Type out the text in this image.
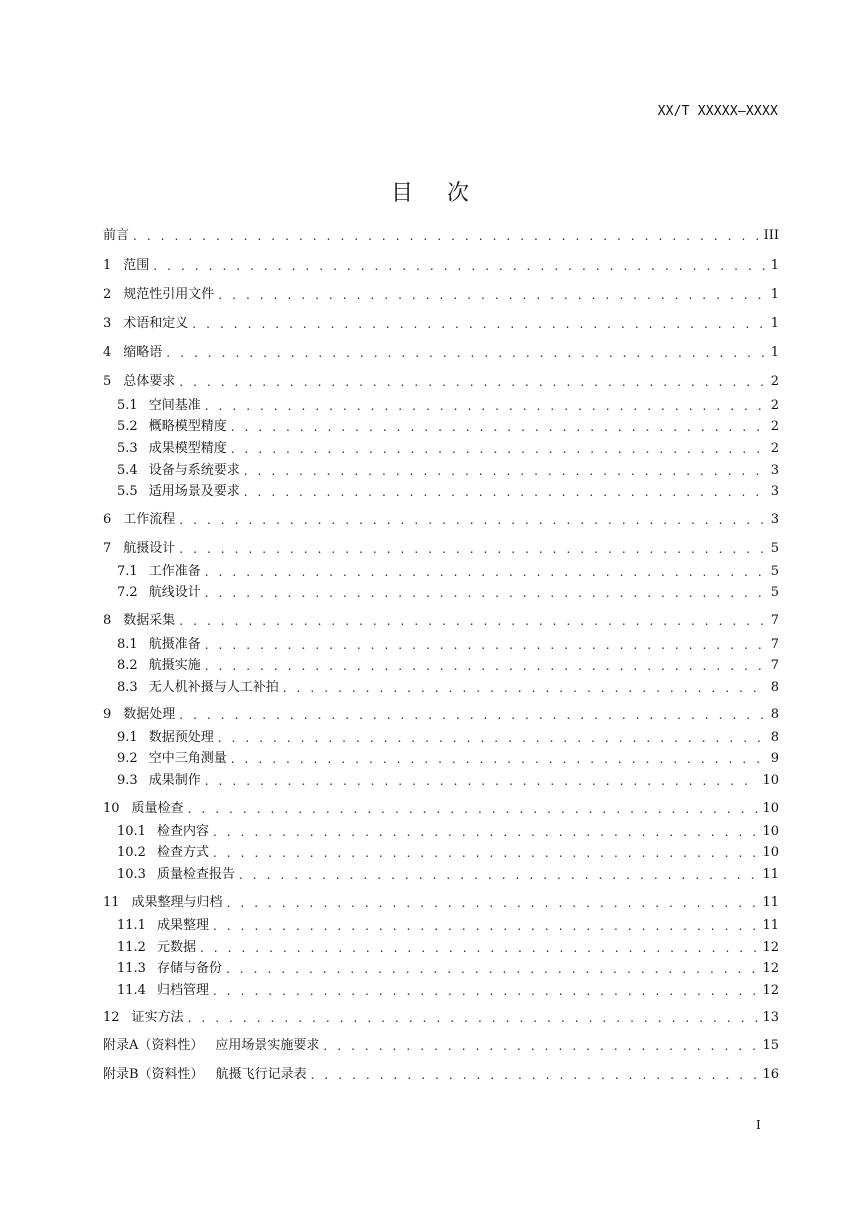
XX/T XXXXX—XXXX
目次
前言 . . .	III
1 范围 . . .	1
2 规范性引用文件 . . .	1
3 术语和定义 . . .	1
4 缩略语 . . .	1
5 总体要求 . . .	2
5.1 空间基准 . . .	2
5.2 概略模型精度 . . .	2
5.3 成果模型精度 . . .	2
5.4 设备与系统要求 . . .	3
5.5 适用场景及要求 . . .	3
6 工作流程 . . .	3
7 航摄设计 . . .	5
7.1 工作准备 . . .	5
7.2 航线设计 . . .	5
8 数据采集 . . .	7
8.1 航摄准备 . . .	7
8.2 航摄实施 . . .	7
8.3 无人机补摄与人工补拍 . . .	8
9 数据处理 . . .	8
9.1 数据预处理 . . .	8
9.2 空中三角测量 . . .	9
9.3 成果制作 . . .	10
10 质量检查 . . .	10
10.1 检查内容 . . .	10
10.2 检查方式 . . .	10
10.3 质量检查报告 . . .	11
11 成果整理与归档 . . .	11
11.1 成果整理 . . .	11
11.2 元数据 . . .	12
11.3 存储与备份 . . .	12
11.4 归档管理 . . .	12
12 证实方法 . . .	13
附录A（资料性） 应用场景实施要求 . . .	15
附录B（资料性） 航摄飞行记录表 . . .	16
I
